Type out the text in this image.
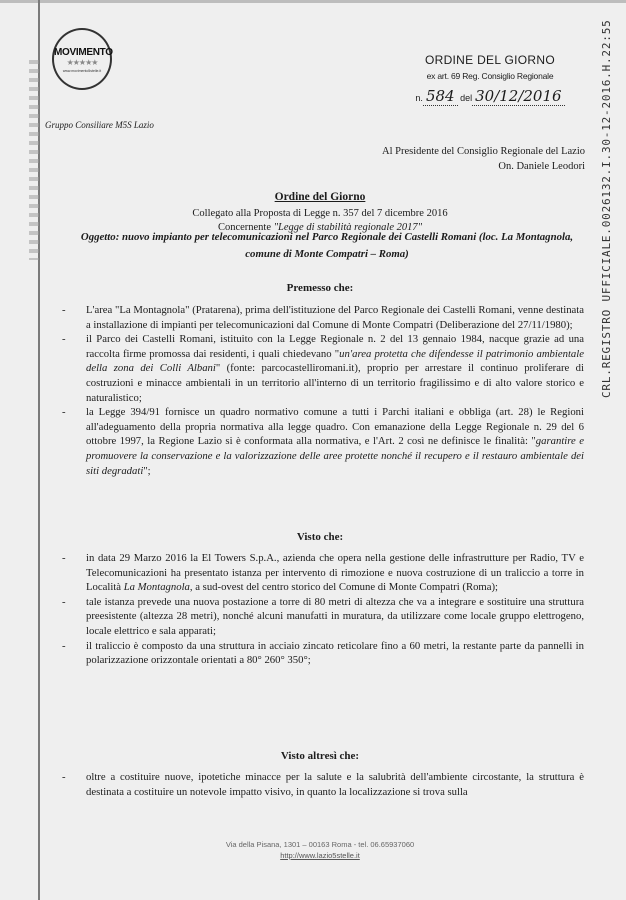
MOVIMENTO
★★★★★
www.movimento5stelle.it
Gruppo Consiliare M5S Lazio
ORDINE DEL GIORNO
ex art. 69 Reg. Consiglio Regionale
n. 584 del 30/12/2016	CRL.REGISTRO UFFICIALE.0026132.I.30-12-2016.H.22:55
Al Presidente del Consiglio Regionale del Lazio
On. Daniele Leodori
Ordine del Giorno
Collegato alla Proposta di Legge n. 357 del 7 dicembre 2016
Concernente "Legge di stabilità regionale 2017"
Oggetto: nuovo impianto per telecomunicazioni nel Parco Regionale dei Castelli Romani (loc. La Montagnola, comune di Monte Compatri – Roma)
Premesso che:
- L'area "La Montagnola" (Pratarena), prima dell'istituzione del Parco Regionale dei Castelli Romani, venne destinata a installazione di impianti per telecomunicazioni dal Comune di Monte Compatri (Deliberazione del 27/11/1980);
- il Parco dei Castelli Romani, istituito con la Legge Regionale n. 2 del 13 gennaio 1984, nacque grazie ad una raccolta firme promossa dai residenti, i quali chiedevano "un'area protetta che difendesse il patrimonio ambientale della zona dei Colli Albani" (fonte: parcocastelliromani.it), proprio per arrestare il continuo proliferare di costruzioni e minacce ambientali in un territorio all'interno di un territorio fragilissimo e di alto valore storico e naturalistico;
- la Legge 394/91 fornisce un quadro normativo comune a tutti i Parchi italiani e obbliga (art. 28) le Regioni all'adeguamento della propria normativa alla legge quadro. Con emanazione della Legge Regionale n. 29 del 6 ottobre 1997, la Regione Lazio si è conformata alla normativa, e l'Art. 2 così ne definisce le finalità: "garantire e promuovere la conservazione e la valorizzazione delle aree protette nonché il recupero e il restauro ambientale dei siti degradati";
Visto che:
- in data 29 Marzo 2016 la El Towers S.p.A., azienda che opera nella gestione delle infrastrutture per Radio, TV e Telecomunicazioni ha presentato istanza per intervento di rimozione e nuova costruzione di un traliccio a torre in Località La Montagnola, a sud-ovest del centro storico del Comune di Monte Compatri (Roma);
- tale istanza prevede una nuova postazione a torre di 80 metri di altezza che va a integrare e sostituire una struttura preesistente (altezza 28 metri), nonché alcuni manufatti in muratura, da utilizzare come locale gruppo elettrogeno, locale elettrico e sala apparati;
- il traliccio è composto da una struttura in acciaio zincato reticolare fino a 60 metri, la restante parte da pannelli in polarizzazione orizzontale orientati a 80° 260° 350°;
Visto altresì che:
- oltre a costituire nuove, ipotetiche minacce per la salute e la salubrità dell'ambiente circostante, la struttura è destinata a costituire un notevole impatto visivo, in quanto la localizzazione si trova sulla
Via della Pisana, 1301 – 00163 Roma - tel. 06.65937060
http://www.lazio5stelle.it
